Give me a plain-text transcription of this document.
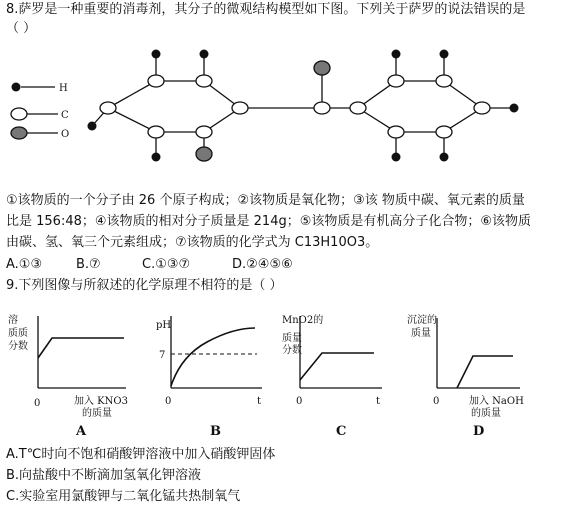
8.萨罗是一种重要的消毒剂，其分子的微观结构模型如下图。下列关于萨罗的说法错误的是
（ ）
H
C
O
①该物质的一个分子由 26 个原子构成；②该物质是氧化物；③该 物质中碳、氧元素的质量
比是 156:48；④该物质的相对分子质量是 214g；⑤该物质是有机高分子化合物；⑥该物质
由碳、氢、氧三个元素组成；⑦该物质的化学式为 C13H10O3。
A.①③	B.⑦	C.①③⑦	D.②④⑤⑥
9.下列图像与所叙述的化学原理不相符的是（ ）
溶
质质
分数
0	加入 KNO3
的质量
A
pH
7
0	t
B
MnO2的
质量
分数
0	t
C
沉淀的
质量
0	加入 NaOH
的质量
D
A.T℃时向不饱和硝酸钾溶液中加入硝酸钾固体
B.向盐酸中不断滴加氢氧化钾溶液
C.实验室用氯酸钾与二氧化锰共热制氧气
